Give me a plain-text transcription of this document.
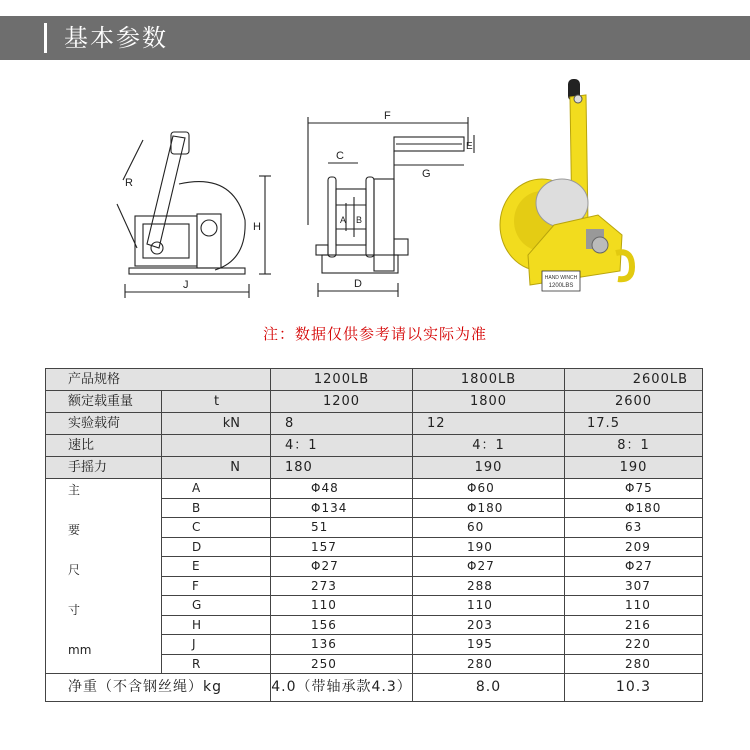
基本参数
R
H
J
F
E
C
G
A B
D	HAND WINCH
1200LBS
注：数据仅供参考请以实际为准
产品规格		1200LB	1800LB	2600LB
额定载重量	t	1200	1800	2600
实验载荷	kN	8	12	17.5
速比		4：1	4：1	8：1
手摇力	N	180	190	190

主
要
尺
寸
mm	A	Φ48	Φ60	Φ75
	B	Φ134	Φ180	Φ180
	C	51	60	63
	D	157	190	209
	E	Φ27	Φ27	Φ27
	F	273	288	307
	G	110	110	110
	H	156	203	216
	J	136	195	220
	R	250	280	280
净重（不含钢丝绳）kg		4.0（带轴承款4.3）	8.0	10.3
